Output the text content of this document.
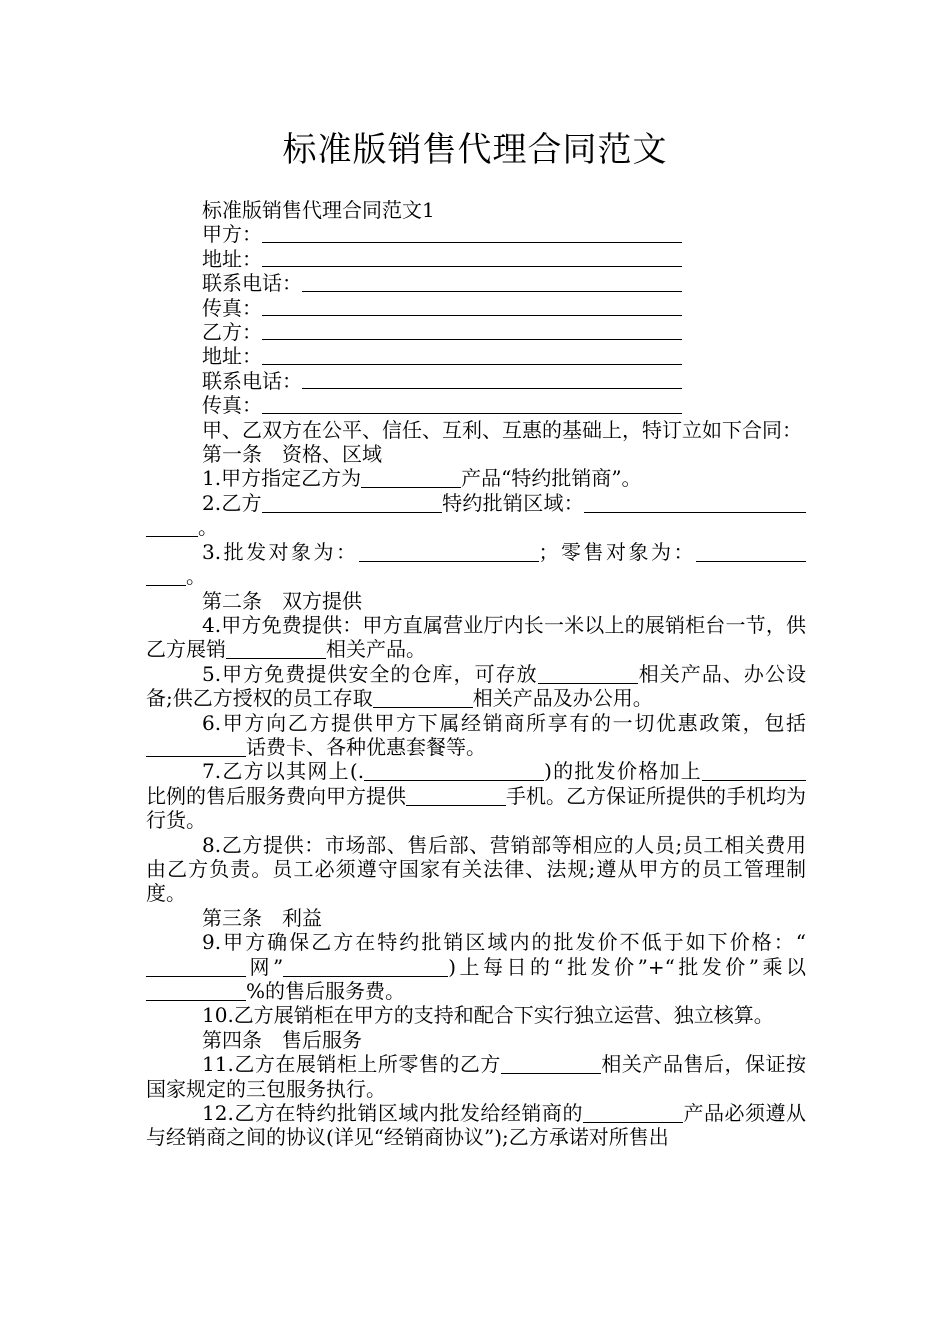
标准版销售代理合同范文
标准版销售代理合同范文1
甲方：
地址：
联系电话：
传真：
乙方：
地址：
联系电话：
传真：

甲、乙双方在公平、信任、互利、互惠的基础上，特订立如下合同：

第一条　资格、区域

1.甲方指定乙方为	产品“特约批销商”。

2.乙方	特约批销区域：。

3.批发对象为：	；零售对象为：。

第二条　双方提供

4.甲方免费提供：甲方直属营业厅内长一米以上的展销柜台一节，供乙方展销	相关产品。

5.甲方免费提供安全的仓库，可存放	相关产品、办公设备;供乙方授权的员工存取	相关产品及办公用。

6.甲方向乙方提供甲方下属经销商所享有的一切优惠政策，包括话费卡、各种优惠套餐等。

7.乙方以其网上(.	)的批发价格加上比例的售后服务费向甲方提供	手机。乙方保证所提供的手机均为行货。

8.乙方提供：市场部、售后部、营销部等相应的人员;员工相关费用由乙方负责。员工必须遵守国家有关法律、法规;遵从甲方的员工管理制度。

第三条　利益

9.甲方确保乙方在特约批销区域内的批发价不低于如下价格：“网”	)上每日的“批发价”+“批发价”乘以%的售后服务费。

10.乙方展销柜在甲方的支持和配合下实行独立运营、独立核算。

第四条　售后服务

11.乙方在展销柜上所零售的乙方	相关产品售后，保证按国家规定的三包服务执行。

12.乙方在特约批销区域内批发给经销商的	产品必须遵从与经销商之间的协议(详见“经销商协议”);乙方承诺对所售出
